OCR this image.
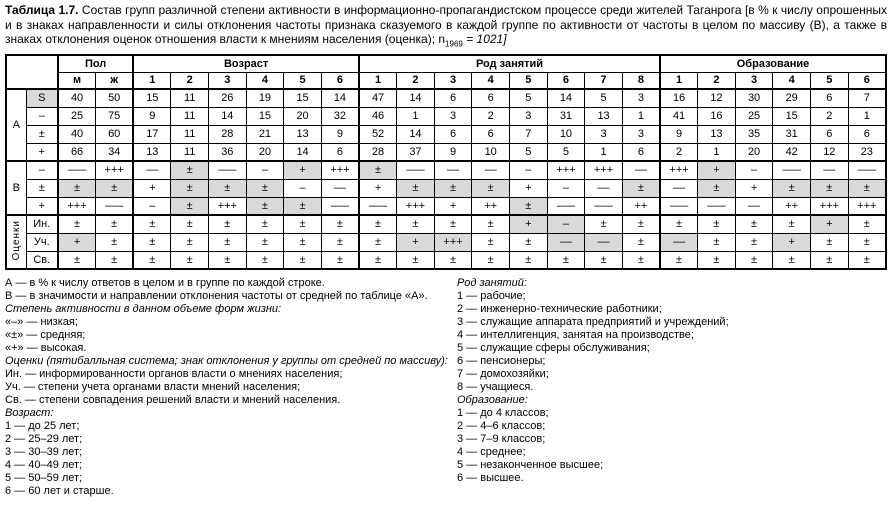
Таблица 1.7. Состав групп различной степени активности в информационно-пропагандистском процессе среди жителей Таганрога [в % к числу опрошенных и в знаках направленности и силы отклонения частоты признака сказуемого в каждой группе по активности от частоты в целом по массиву (В), а также в знаках отклонения оценок отношения власти к мнениям населения (оценка); $n_{1969} = 1021$]

		Пол		Возраст						Род занятий								Образование					
		м	ж	1	2	3	4	5	6	1	2	3	4	5	6	7	8	1	2	3	4	5	6
А	S	40	50	15	11	26	19	15	14	47	14	6	6	5	14	5	3	16	12	30	29	6	7
	–	25	75	9	11	14	15	20	32	46	1	3	2	3	31	13	1	41	16	25	15	2	1
	±	40	60	17	11	28	21	13	9	52	14	6	6	7	10	3	3	9	13	35	31	6	6
	+	66	34	13	11	36	20	14	6	28	37	9	10	5	5	1	6	2	1	20	42	12	23
В	–	–––	+++	––	±	–––	–	+	+++	±	–––	––	––	–	+++	+++	––	+++	+	–	–––	––	–––
	±	±	±	+	±	±	±	–	––	+	±	±	±	+	–	––	±	––	±	+	±	±	±
	+	+++	–––	–	±	+++	±	±	–––	–––	+++	+	++	±	–––	–––	++	–––	–––	––	++	+++	+++
Оценки	Ин.	±	±	±	±	±	±	±	±	±	±	±	±	+	–	±	±	±	±	±	±	+	±
	Уч.	+	±	±	±	±	±	±	±	±	+	+++	±	±	––	––	±	––	±	±	+	±	±
	Св.	±	±	±	±	±	±	±	±	±	±	±	±	±	±	±	±	±	±	±	±	±	±
А — в % к числу ответов в целом и в группе по каждой строке.
В — в значимости и направлении отклонения частоты от средней по таблице «А».
Степень активности в данном объеме форм жизни:
«–» — низкая;
«±» — средняя;
«+» — высокая.
Оценки (пятибалльная система; знак отклонения у группы от средней по массиву):
Ин. — информированности органов власти о мнениях населения;
Уч. — степени учета органами власти мнений населения;
Св. — степени совпадения решений власти и мнений населения.
Возраст:
1 — до 25 лет;
2 — 25–29 лет;
3 — 30–39 лет;
4 — 40–49 лет;
5 — 50–59 лет;
6 — 60 лет и старше.
Род занятий:
1 — рабочие;
2 — инженерно-технические работники;
3 — служащие аппарата предприятий и учреждений;
4 — интеллигенция, занятая на производстве;
5 — служащие сферы обслуживания;
6 — пенсионеры;
7 — домохозяйки;
8 — учащиеся.
Образование:
1 — до 4 классов;
2 — 4–6 классов;
3 — 7–9 классов;
4 — среднее;
5 — незаконченное высшее;
6 — высшее.
